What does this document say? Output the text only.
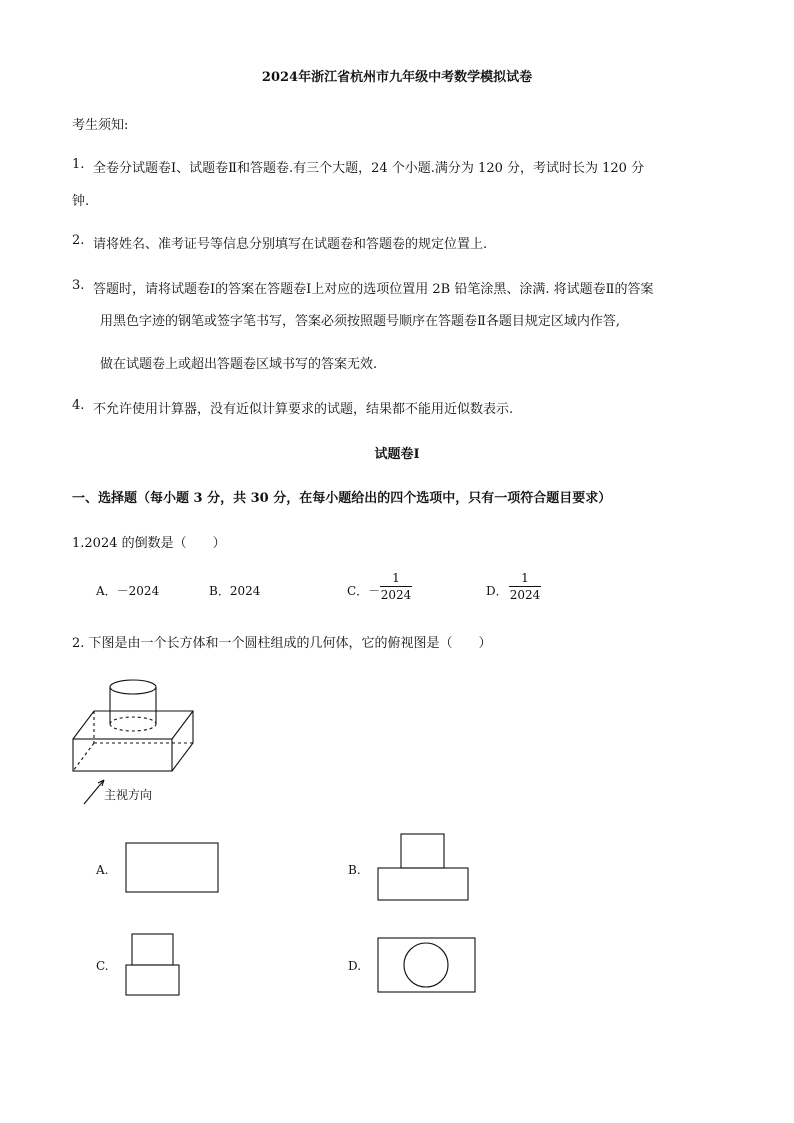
2024年浙江省杭州市九年级中考数学模拟试卷
考生须知:
1. 全卷分试题卷Ⅰ、试题卷Ⅱ和答题卷.有三个大题，24 个小题.满分为 120 分，考试时长为 120 分
钟.
2. 请将姓名、准考证号等信息分别填写在试题卷和答题卷的规定位置上.
3. 答题时，请将试题卷Ⅰ的答案在答题卷Ⅰ上对应的选项位置用 2B 铅笔涂黑、涂满. 将试题卷Ⅱ的答案
用黑色字迹的钢笔或签字笔书写，答案必须按照题号顺序在答题卷Ⅱ各题目规定区域内作答,
做在试题卷上或超出答题卷区域书写的答案无效.
4. 不允许使用计算器，没有近似计算要求的试题，结果都不能用近似数表示.
试题卷Ⅰ
一、选择题（每小题 3 分，共 30 分，在每小题给出的四个选项中，只有一项符合题目要求）
1.2024 的倒数是（　　）
A．－2024	B．2024	C．－
1
2024	D．
1
2024
2. 下图是由一个长方体和一个圆柱组成的几何体，它的俯视图是（　　）
主视方向
A.	B.
C.	D.
